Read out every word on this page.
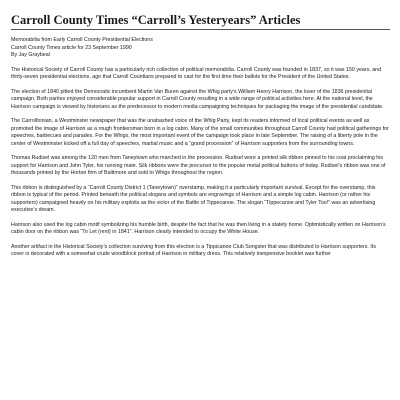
Carroll County Times “Carroll’s Yesteryears” Articles
Memorabilia from Early Carroll County Presidential Elections
Carroll County Times article for 23 September 1990
By Jay Graybeal

The Historical Society of Carroll County has a particularly rich collection of political memorabilia. Carroll County was founded in 1837, so it was 150 years, and thirty-seven presidential elections, ago that Carroll Countians prepared to cast for the first time their ballots for the President of the United States.

The election of 1840 pitted the Democratic incumbent Martin Van Buren against the Whig party’s William Henry Harrison, the loser of the 1836 presidential campaign. Both parties enjoyed considerable popular support in Carroll County resulting in a wide range of political activities here. At the national level, the Harrison campaign is viewed by historians as the predecessor to modern media campaigning techniques for packaging the image of the presidential candidate.

The Carrolltonian, a Westminster newspaper that was the unabashed voice of the Whig Party, kept its readers informed of local political events as well as promoted the image of Harrison as a rough frontiersman born in a log cabin. Many of the small communities throughout Carroll County had political gatherings for speeches, barbecues and parades. For the Whigs, the most important event of the campaign took place in late September. The raising of a liberty pole in the center of Westminster kicked off a full day of speeches, martial music and a “grand procession” of Harrison supporters from the surrounding towns.

Thomas Rudisel was among the 120 men from Taneytown who marched in the procession. Rudisel wore a printed silk ribbon pinned to his coat proclaiming his support for Harrison and John Tyler, his running mate. Silk ribbons were the precursor to the popular metal political buttons of today. Rudisel’s ribbon was one of thousands printed by the Horton firm of Baltimore and sold to Whigs throughout the region.

This ribbon is distinguished by a “Carroll County District 1 (Taneytown)” overstamp, making it a particularly important survival. Except for the overstamp, this ribbon is typical of the period. Printed beneath the political slogans and symbols are engravings of Harrison and a simple log cabin. Harrison (or rather his supporters) campaigned heavily on his military exploits as the victor of the Battle of Tippecanoe. The slogan “Tippecanoe and Tyler Too!” was an advertising executive’s dream.

Harrison also used the log cabin motif symbolizing his humble birth, despite the fact that he was then living in a stately home. Optimistically written on Harrison’s cabin door on the ribbon was “To Let (rent) in 1841”. Harrison clearly intended to occupy the White House.

Another artifact in the Historical Society’s collection surviving from this election is a Tippicanoe Club Songster that was distributed to Harrison supporters. Its cover is decorated with a somewhat crude woodblock portrait of Harrison in military dress. This relatively inexpensive booklet was further
